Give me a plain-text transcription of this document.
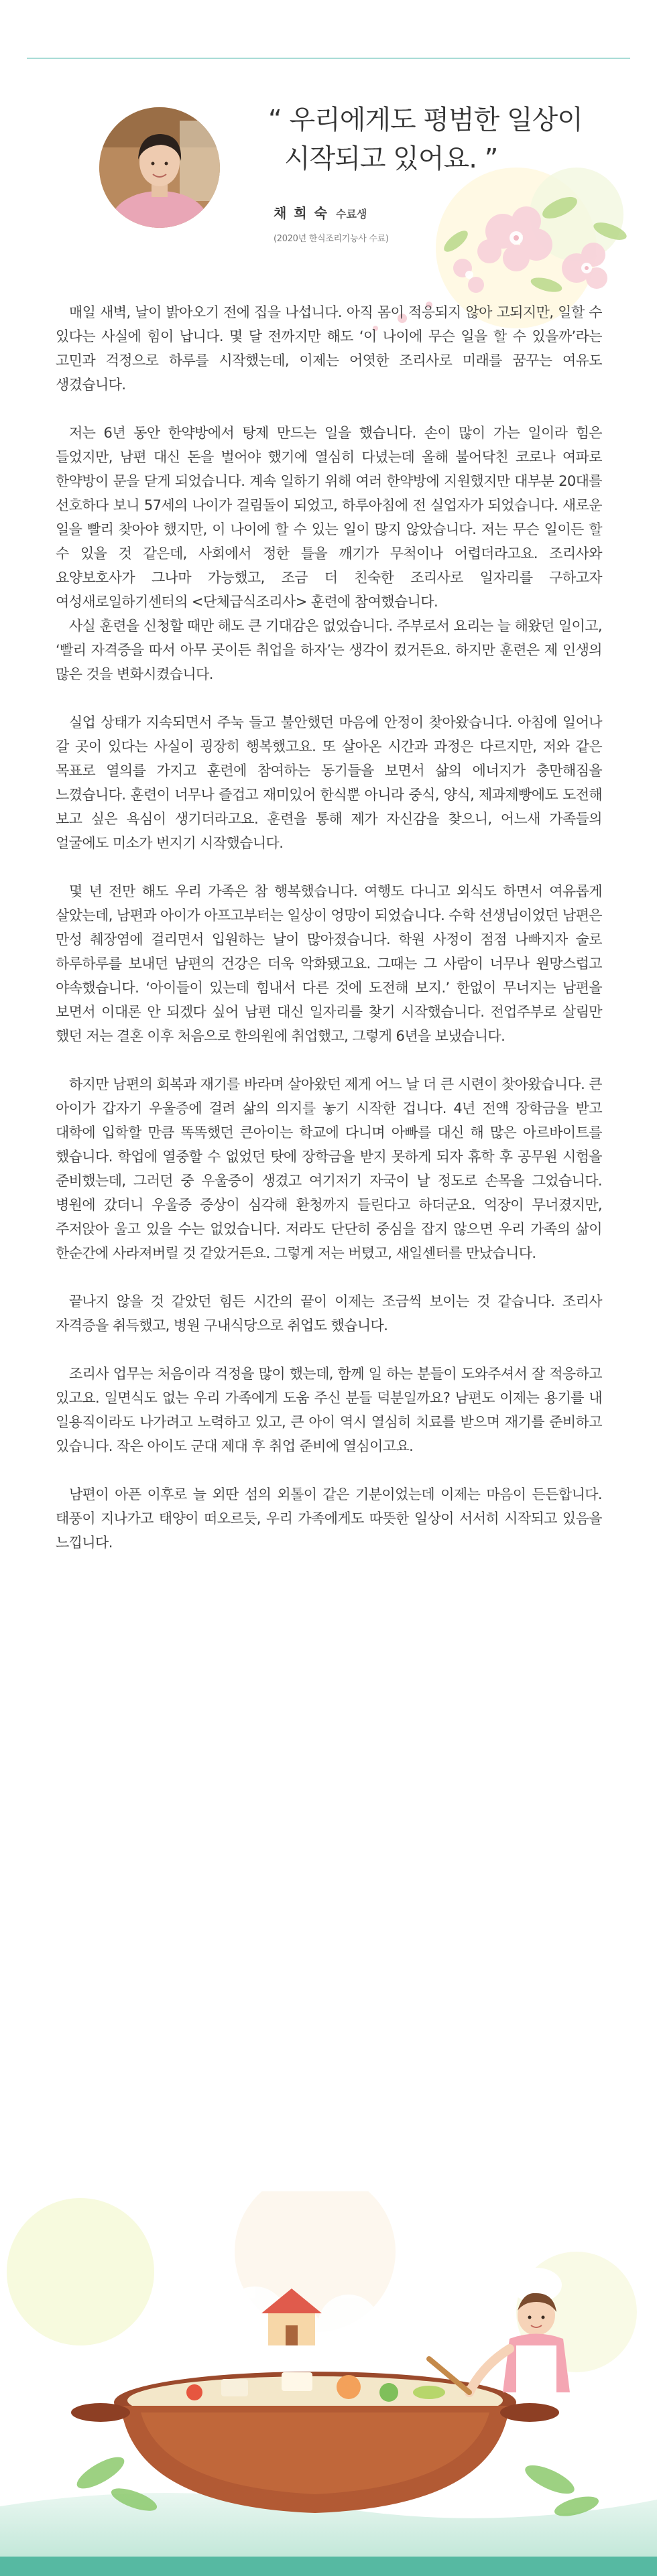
“ 우리에게도 평범한 일상이
시작되고 있어요. ”
채 희 숙 수료생
(2020년 한식조리기능사 수료)

매일 새벽, 날이 밝아오기 전에 집을 나섭니다. 아직 몸이 적응되지 않아 고되지만, 일할 수 있다는 사실에 힘이 납니다. 몇 달 전까지만 해도 ‘이 나이에 무슨 일을 할 수 있을까’라는 고민과 걱정으로 하루를 시작했는데, 이제는 어엿한 조리사로 미래를 꿈꾸는 여유도 생겼습니다.

저는 6년 동안 한약방에서 탕제 만드는 일을 했습니다. 손이 많이 가는 일이라 힘은 들었지만, 남편 대신 돈을 벌어야 했기에 열심히 다녔는데 올해 불어닥친 코로나 여파로 한약방이 문을 닫게 되었습니다. 계속 일하기 위해 여러 한약방에 지원했지만 대부분 20대를 선호하다 보니 57세의 나이가 걸림돌이 되었고, 하루아침에 전 실업자가 되었습니다. 새로운 일을 빨리 찾아야 했지만, 이 나이에 할 수 있는 일이 많지 않았습니다. 저는 무슨 일이든 할 수 있을 것 같은데, 사회에서 정한 틀을 깨기가 무척이나 어렵더라고요. 조리사와 요양보호사가 그나마 가능했고, 조금 더 친숙한 조리사로 일자리를 구하고자 여성새로일하기센터의 <단체급식조리사> 훈련에 참여했습니다.

사실 훈련을 신청할 때만 해도 큰 기대감은 없었습니다. 주부로서 요리는 늘 해왔던 일이고, ‘빨리 자격증을 따서 아무 곳이든 취업을 하자’는 생각이 컸거든요. 하지만 훈련은 제 인생의 많은 것을 변화시켰습니다.

실업 상태가 지속되면서 주눅 들고 불안했던 마음에 안정이 찾아왔습니다. 아침에 일어나 갈 곳이 있다는 사실이 굉장히 행복했고요. 또 살아온 시간과 과정은 다르지만, 저와 같은 목표로 열의를 가지고 훈련에 참여하는 동기들을 보면서 삶의 에너지가 충만해짐을 느꼈습니다. 훈련이 너무나 즐겁고 재미있어 한식뿐 아니라 중식, 양식, 제과제빵에도 도전해 보고 싶은 욕심이 생기더라고요. 훈련을 통해 제가 자신감을 찾으니, 어느새 가족들의 얼굴에도 미소가 번지기 시작했습니다.

몇 년 전만 해도 우리 가족은 참 행복했습니다. 여행도 다니고 외식도 하면서 여유롭게 살았는데, 남편과 아이가 아프고부터는 일상이 엉망이 되었습니다. 수학 선생님이었던 남편은 만성 췌장염에 걸리면서 입원하는 날이 많아졌습니다. 학원 사정이 점점 나빠지자 술로 하루하루를 보내던 남편의 건강은 더욱 악화됐고요. 그때는 그 사람이 너무나 원망스럽고 야속했습니다. ‘아이들이 있는데 힘내서 다른 것에 도전해 보지.’ 한없이 무너지는 남편을 보면서 이대론 안 되겠다 싶어 남편 대신 일자리를 찾기 시작했습니다. 전업주부로 살림만 했던 저는 결혼 이후 처음으로 한의원에 취업했고, 그렇게 6년을 보냈습니다.

하지만 남편의 회복과 재기를 바라며 살아왔던 제게 어느 날 더 큰 시련이 찾아왔습니다. 큰 아이가 갑자기 우울증에 걸려 삶의 의지를 놓기 시작한 겁니다. 4년 전액 장학금을 받고 대학에 입학할 만큼 똑똑했던 큰아이는 학교에 다니며 아빠를 대신 해 많은 아르바이트를 했습니다. 학업에 열중할 수 없었던 탓에 장학금을 받지 못하게 되자 휴학 후 공무원 시험을 준비했는데, 그러던 중 우울증이 생겼고 여기저기 자국이 날 정도로 손목을 그었습니다. 병원에 갔더니 우울증 증상이 심각해 환청까지 들린다고 하더군요. 억장이 무너졌지만, 주저앉아 울고 있을 수는 없었습니다. 저라도 단단히 중심을 잡지 않으면 우리 가족의 삶이 한순간에 사라져버릴 것 같았거든요. 그렇게 저는 버텼고, 새일센터를 만났습니다.

끝나지 않을 것 같았던 힘든 시간의 끝이 이제는 조금씩 보이는 것 같습니다. 조리사 자격증을 취득했고, 병원 구내식당으로 취업도 했습니다.

조리사 업무는 처음이라 걱정을 많이 했는데, 함께 일 하는 분들이 도와주셔서 잘 적응하고 있고요. 일면식도 없는 우리 가족에게 도움 주신 분들 덕분일까요? 남편도 이제는 용기를 내 일용직이라도 나가려고 노력하고 있고, 큰 아이 역시 열심히 치료를 받으며 재기를 준비하고 있습니다. 작은 아이도 군대 제대 후 취업 준비에 열심이고요.

남편이 아픈 이후로 늘 외딴 섬의 외톨이 같은 기분이었는데 이제는 마음이 든든합니다. 태풍이 지나가고 태양이 떠오르듯, 우리 가족에게도 따뜻한 일상이 서서히 시작되고 있음을 느낍니다.
